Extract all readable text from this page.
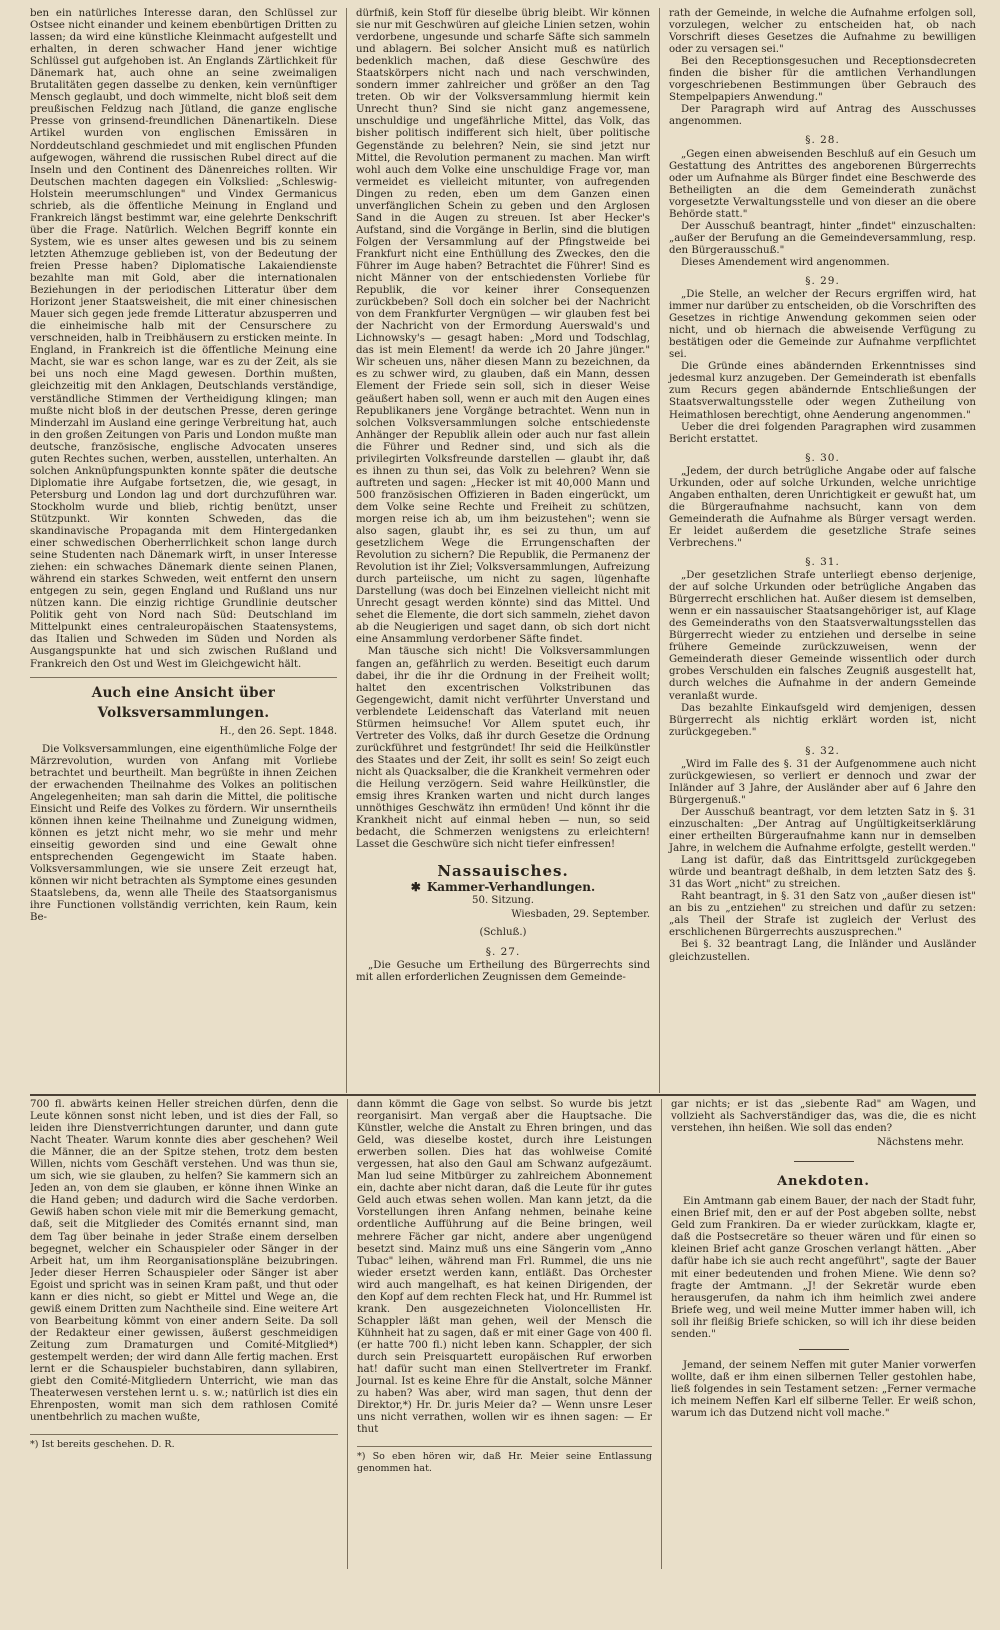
ben ein natürliches Interesse daran, den Schlüssel zur Ostsee nicht einander und keinem ebenbürtigen Dritten zu lassen; da wird eine künstliche Kleinmacht aufgestellt und erhalten, in deren schwacher Hand jener wichtige Schlüssel gut aufgehoben ist. An Englands Zärtlichkeit für Dänemark hat, auch ohne an seine zweimaligen Brutalitäten gegen dasselbe zu denken, kein vernünftiger Mensch geglaubt, und doch wimmelte, nicht bloß seit dem preußischen Feldzug nach Jütland, die ganze englische Presse von grinsend-freundlichen Dänenartikeln. Diese Artikel wurden von englischen Emissären in Norddeutschland geschmiedet und mit englischen Pfunden aufgewogen, während die russischen Rubel direct auf die Inseln und den Continent des Dänenreiches rollten. Wir Deutschen machten dagegen ein Volkslied: „Schleswig-Holstein meerumschlungen" und Vindex Germanicus schrieb, als die öffentliche Meinung in England und Frankreich längst bestimmt war, eine gelehrte Denkschrift über die Frage. Natürlich. Welchen Begriff konnte ein System, wie es unser altes gewesen und bis zu seinem letzten Athemzuge geblieben ist, von der Bedeutung der freien Presse haben? Diplomatische Lakaiendienste bezahlte man mit Gold, aber die internationalen Beziehungen in der periodischen Litteratur über dem Horizont jener Staatsweisheit, die mit einer chinesischen Mauer sich gegen jede fremde Litteratur abzusperren und die einheimische halb mit der Censurschere zu verschneiden, halb in Treibhäusern zu ersticken meinte. In England, in Frankreich ist die öffentliche Meinung eine Macht, sie war es schon lange, war es zu der Zeit, als sie bei uns noch eine Magd gewesen. Dorthin mußten, gleichzeitig mit den Anklagen, Deutschlands verständige, verständliche Stimmen der Vertheidigung klingen; man mußte nicht bloß in der deutschen Presse, deren geringe Minderzahl im Ausland eine geringe Verbreitung hat, auch in den großen Zeitungen von Paris und London mußte man deutsche, französische, englische Advocaten unseres guten Rechtes suchen, werben, ausstellen, unterhalten. An solchen Anknüpfungspunkten konnte später die deutsche Diplomatie ihre Aufgabe fortsetzen, die, wie gesagt, in Petersburg und London lag und dort durchzuführen war. Stockholm wurde und blieb, richtig benützt, unser Stützpunkt. Wir konnten Schweden, das die skandinavische Propaganda mit dem Hintergedanken einer schwedischen Oberherrlichkeit schon lange durch seine Studenten nach Dänemark wirft, in unser Interesse ziehen: ein schwaches Dänemark diente seinen Planen, während ein starkes Schweden, weit entfernt den unsern entgegen zu sein, gegen England und Rußland uns nur nützen kann. Die einzig richtige Grundlinie deutscher Politik geht von Nord nach Süd: Deutschland im Mittelpunkt eines centraleuropäischen Staatensystems, das Italien und Schweden im Süden und Norden als Ausgangspunkte hat und sich zwischen Rußland und Frankreich den Ost und West im Gleichgewicht hält.

Auch eine Ansicht über Volksversammlungen.
H., den 26. Sept. 1848.

Die Volksversammlungen, eine eigenthümliche Folge der Märzrevolution, wurden von Anfang mit Vorliebe betrachtet und beurtheilt. Man begrüßte in ihnen Zeichen der erwachenden Theilnahme des Volkes an politischen Angelegenheiten; man sah darin die Mittel, die politische Einsicht und Reife des Volkes zu fördern. Wir unserntheils können ihnen keine Theilnahme und Zuneigung widmen, können es jetzt nicht mehr, wo sie mehr und mehr einseitig geworden sind und eine Gewalt ohne entsprechenden Gegengewicht im Staate haben. Volksversammlungen, wie sie unsere Zeit erzeugt hat, können wir nicht betrachten als Symptome eines gesunden Staatslebens, da, wenn alle Theile des Staatsorganismus ihre Functionen vollständig verrichten, kein Raum, kein Be-

dürfniß, kein Stoff für dieselbe übrig bleibt. Wir können sie nur mit Geschwüren auf gleiche Linien setzen, wohin verdorbene, ungesunde und scharfe Säfte sich sammeln und ablagern. Bei solcher Ansicht muß es natürlich bedenklich machen, daß diese Geschwüre des Staatskörpers nicht nach und nach verschwinden, sondern immer zahlreicher und größer an den Tag treten. Ob wir der Volksversammlung hiermit kein Unrecht thun? Sind sie nicht ganz angemessene, unschuldige und ungefährliche Mittel, das Volk, das bisher politisch indifferent sich hielt, über politische Gegenstände zu belehren? Nein, sie sind jetzt nur Mittel, die Revolution permanent zu machen. Man wirft wohl auch dem Volke eine unschuldige Frage vor, man vermeidet es vielleicht mitunter, von aufregenden Dingen zu reden, eben um dem Ganzen einen unverfänglichen Schein zu geben und den Arglosen Sand in die Augen zu streuen. Ist aber Hecker's Aufstand, sind die Vorgänge in Berlin, sind die blutigen Folgen der Versammlung auf der Pfingstweide bei Frankfurt nicht eine Enthüllung des Zweckes, den die Führer im Auge haben? Betrachtet die Führer! Sind es nicht Männer von der entschiedensten Vorliebe für Republik, die vor keiner ihrer Consequenzen zurückbeben? Soll doch ein solcher bei der Nachricht von dem Frankfurter Vergnügen — wir glauben fest bei der Nachricht von der Ermordung Auerswald's und Lichnowsky's — gesagt haben: „Mord und Todschlag, das ist mein Element! da werde ich 20 Jahre jünger." Wir scheuen uns, näher diesen Mann zu bezeichnen, da es zu schwer wird, zu glauben, daß ein Mann, dessen Element der Friede sein soll, sich in dieser Weise geäußert haben soll, wenn er auch mit den Augen eines Republikaners jene Vorgänge betrachtet. Wenn nun in solchen Volksversammlungen solche entschiedenste Anhänger der Republik allein oder auch nur fast allein die Führer und Redner sind, und sich als die privilegirten Volksfreunde darstellen — glaubt ihr, daß es ihnen zu thun sei, das Volk zu belehren? Wenn sie auftreten und sagen: „Hecker ist mit 40,000 Mann und 500 französischen Offizieren in Baden eingerückt, um dem Volke seine Rechte und Freiheit zu schützen, morgen reise ich ab, um ihm beizustehen"; wenn sie also sagen, glaubt ihr, es sei zu thun, um auf gesetzlichem Wege die Errungenschaften der Revolution zu sichern? Die Republik, die Permanenz der Revolution ist ihr Ziel; Volksversammlungen, Aufreizung durch parteiische, um nicht zu sagen, lügenhafte Darstellung (was doch bei Einzelnen vielleicht nicht mit Unrecht gesagt werden könnte) sind das Mittel. Und sehet die Elemente, die dort sich sammeln, ziehet davon ab die Neugierigen und saget dann, ob sich dort nicht eine Ansammlung verdorbener Säfte findet.

Man täusche sich nicht! Die Volksversammlungen fangen an, gefährlich zu werden. Beseitigt euch darum dabei, ihr die ihr die Ordnung in der Freiheit wollt; haltet den excentrischen Volkstribunen das Gegengewicht, damit nicht verführter Unverstand und verblendete Leidenschaft das Vaterland mit neuen Stürmen heimsuche! Vor Allem sputet euch, ihr Vertreter des Volks, daß ihr durch Gesetze die Ordnung zurückführet und festgründet! Ihr seid die Heilkünstler des Staates und der Zeit, ihr sollt es sein! So zeigt euch nicht als Quacksalber, die die Krankheit vermehren oder die Heilung verzögern. Seid wahre Heilkünstler, die emsig ihres Kranken warten und nicht durch langes unnöthiges Geschwätz ihn ermüden! Und könnt ihr die Krankheit nicht auf einmal heben — nun, so seid bedacht, die Schmerzen wenigstens zu erleichtern! Lasset die Geschwüre sich nicht tiefer einfressen!

Nassauisches.
✱ Kammer-Verhandlungen.
50. Sitzung.
Wiesbaden, 29. September.
(Schluß.)
§. 27.

„Die Gesuche um Ertheilung des Bürgerrechts sind mit allen erforderlichen Zeugnissen dem Gemeinde-

rath der Gemeinde, in welche die Aufnahme erfolgen soll, vorzulegen, welcher zu entscheiden hat, ob nach Vorschrift dieses Gesetzes die Aufnahme zu bewilligen oder zu versagen sei."

Bei den Receptionsgesuchen und Receptionsdecreten finden die bisher für die amtlichen Verhandlungen vorgeschriebenen Bestimmungen über Gebrauch des Stempelpapiers Anwendung."

Der Paragraph wird auf Antrag des Ausschusses angenommen.

§. 28.

„Gegen einen abweisenden Beschluß auf ein Gesuch um Gestattung des Antrittes des angeborenen Bürgerrechts oder um Aufnahme als Bürger findet eine Beschwerde des Betheiligten an die dem Gemeinderath zunächst vorgesetzte Verwaltungsstelle und von dieser an die obere Behörde statt."

Der Ausschuß beantragt, hinter „findet" einzuschalten: „außer der Berufung an die Gemeindeversammlung, resp. den Bürgerausschuß."

Dieses Amendement wird angenommen.

§. 29.

„Die Stelle, an welcher der Recurs ergriffen wird, hat immer nur darüber zu entscheiden, ob die Vorschriften des Gesetzes in richtige Anwendung gekommen seien oder nicht, und ob hiernach die abweisende Verfügung zu bestätigen oder die Gemeinde zur Aufnahme verpflichtet sei.

Die Gründe eines abändernden Erkenntnisses sind jedesmal kurz anzugeben. Der Gemeinderath ist ebenfalls zum Recurs gegen abändernde Entschließungen der Staatsverwaltungsstelle oder wegen Zutheilung von Heimathlosen berechtigt, ohne Aenderung angenommen."

Ueber die drei folgenden Paragraphen wird zusammen Bericht erstattet.

§. 30.

„Jedem, der durch betrügliche Angabe oder auf falsche Urkunden, oder auf solche Urkunden, welche unrichtige Angaben enthalten, deren Unrichtigkeit er gewußt hat, um die Bürgeraufnahme nachsucht, kann von dem Gemeinderath die Aufnahme als Bürger versagt werden. Er leidet außerdem die gesetzliche Strafe seines Verbrechens."

§. 31.

„Der gesetzlichen Strafe unterliegt ebenso derjenige, der auf solche Urkunden oder betrügliche Angaben das Bürgerrecht erschlichen hat. Außer diesem ist demselben, wenn er ein nassauischer Staatsangehöriger ist, auf Klage des Gemeinderaths von den Staatsverwaltungsstellen das Bürgerrecht wieder zu entziehen und derselbe in seine frühere Gemeinde zurückzuweisen, wenn der Gemeinderath dieser Gemeinde wissentlich oder durch grobes Verschulden ein falsches Zeugniß ausgestellt hat, durch welches die Aufnahme in der andern Gemeinde veranlaßt wurde.

Das bezahlte Einkaufsgeld wird demjenigen, dessen Bürgerrecht als nichtig erklärt worden ist, nicht zurückgegeben."

§. 32.

„Wird im Falle des §. 31 der Aufgenommene auch nicht zurückgewiesen, so verliert er dennoch und zwar der Inländer auf 3 Jahre, der Ausländer aber auf 6 Jahre den Bürgergenuß."

Der Ausschuß beantragt, vor dem letzten Satz in §. 31 einzuschalten: „Der Antrag auf Ungültigkeitserklärung einer ertheilten Bürgeraufnahme kann nur in demselben Jahre, in welchem die Aufnahme erfolgte, gestellt werden."

Lang ist dafür, daß das Eintrittsgeld zurückgegeben würde und beantragt deßhalb, in dem letzten Satz des §. 31 das Wort „nicht" zu streichen.

Raht beantragt, in §. 31 den Satz von „außer diesen ist" an bis zu „entziehen" zu streichen und dafür zu setzen: „als Theil der Strafe ist zugleich der Verlust des erschlichenen Bürgerrechts auszusprechen."

Bei §. 32 beantragt Lang, die Inländer und Ausländer gleichzustellen.

700 fl. abwärts keinen Heller streichen dürfen, denn die Leute können sonst nicht leben, und ist dies der Fall, so leiden ihre Dienstverrichtungen darunter, und dann gute Nacht Theater. Warum konnte dies aber geschehen? Weil die Männer, die an der Spitze stehen, trotz dem besten Willen, nichts vom Geschäft verstehen. Und was thun sie, um sich, wie sie glauben, zu helfen? Sie kammern sich an Jeden an, von dem sie glauben, er könne ihnen Winke an die Hand geben; und dadurch wird die Sache verdorben. Gewiß haben schon viele mit mir die Bemerkung gemacht, daß, seit die Mitglieder des Comités ernannt sind, man dem Tag über beinahe in jeder Straße einem derselben begegnet, welcher ein Schauspieler oder Sänger in der Arbeit hat, um ihm Reorganisationspläne beizubringen. Jeder dieser Herren Schauspieler oder Sänger ist aber Egoist und spricht was in seinen Kram paßt, und thut oder kann er dies nicht, so giebt er Mittel und Wege an, die gewiß einem Dritten zum Nachtheile sind. Eine weitere Art von Bearbeitung kömmt von einer andern Seite. Da soll der Redakteur einer gewissen, äußerst geschmeidigen Zeitung zum Dramaturgen und Comité-Mitglied*) gestempelt werden; der wird dann Alle fertig machen. Erst lernt er die Schauspieler buchstabiren, dann syllabiren, giebt den Comité-Mitgliedern Unterricht, wie man das Theaterwesen verstehen lernt u. s. w.; natürlich ist dies ein Ehrenposten, womit man sich dem rathlosen Comité unentbehrlich zu machen wußte,

*) Ist bereits geschehen. D. R.

dann kömmt die Gage von selbst. So wurde bis jetzt reorganisirt. Man vergaß aber die Hauptsache. Die Künstler, welche die Anstalt zu Ehren bringen, und das Geld, was dieselbe kostet, durch ihre Leistungen erwerben sollen. Dies hat das wohlweise Comité vergessen, hat also den Gaul am Schwanz aufgezäumt. Man lud seine Mitbürger zu zahlreichem Abonnement ein, dachte aber nicht daran, daß die Leute für ihr gutes Geld auch etwas sehen wollen. Man kann jetzt, da die Vorstellungen ihren Anfang nehmen, beinahe keine ordentliche Aufführung auf die Beine bringen, weil mehrere Fächer gar nicht, andere aber ungenügend besetzt sind. Mainz muß uns eine Sängerin vom „Anno Tubac" leihen, während man Frl. Rummel, die uns nie wieder ersetzt werden kann, entläßt. Das Orchester wird auch mangelhaft, es hat keinen Dirigenden, der den Kopf auf dem rechten Fleck hat, und Hr. Rummel ist krank. Den ausgezeichneten Violoncellisten Hr. Schappler läßt man gehen, weil der Mensch die Kühnheit hat zu sagen, daß er mit einer Gage von 400 fl. (er hatte 700 fl.) nicht leben kann. Schappler, der sich durch sein Preisquartett europäischen Ruf erworben hat! dafür sucht man einen Stellvertreter im Frankf. Journal. Ist es keine Ehre für die Anstalt, solche Männer zu haben? Was aber, wird man sagen, thut denn der Direktor,*) Hr. Dr. juris Meier da? — Wenn unsre Leser uns nicht verrathen, wollen wir es ihnen sagen: — Er thut

*) So eben hören wir, daß Hr. Meier seine Entlassung genommen hat.

gar nichts; er ist das „siebente Rad" am Wagen, und vollzieht als Sachverständiger das, was die, die es nicht verstehen, ihn heißen. Wie soll das enden?

Nächstens mehr.
Anekdoten.

Ein Amtmann gab einem Bauer, der nach der Stadt fuhr, einen Brief mit, den er auf der Post abgeben sollte, nebst Geld zum Frankiren. Da er wieder zurückkam, klagte er, daß die Postsecretäre so theuer wären und für einen so kleinen Brief acht ganze Groschen verlangt hätten. „Aber dafür habe ich sie auch recht angeführt", sagte der Bauer mit einer bedeutenden und frohen Miene. Wie denn so? fragte der Amtmann. „J! der Sekretär wurde eben herausgerufen, da nahm ich ihm heimlich zwei andere Briefe weg, und weil meine Mutter immer haben will, ich soll ihr fleißig Briefe schicken, so will ich ihr diese beiden senden."

Jemand, der seinem Neffen mit guter Manier vorwerfen wollte, daß er ihm einen silbernen Teller gestohlen habe, ließ folgendes in sein Testament setzen: „Ferner vermache ich meinem Neffen Karl elf silberne Teller. Er weiß schon, warum ich das Dutzend nicht voll mache."
